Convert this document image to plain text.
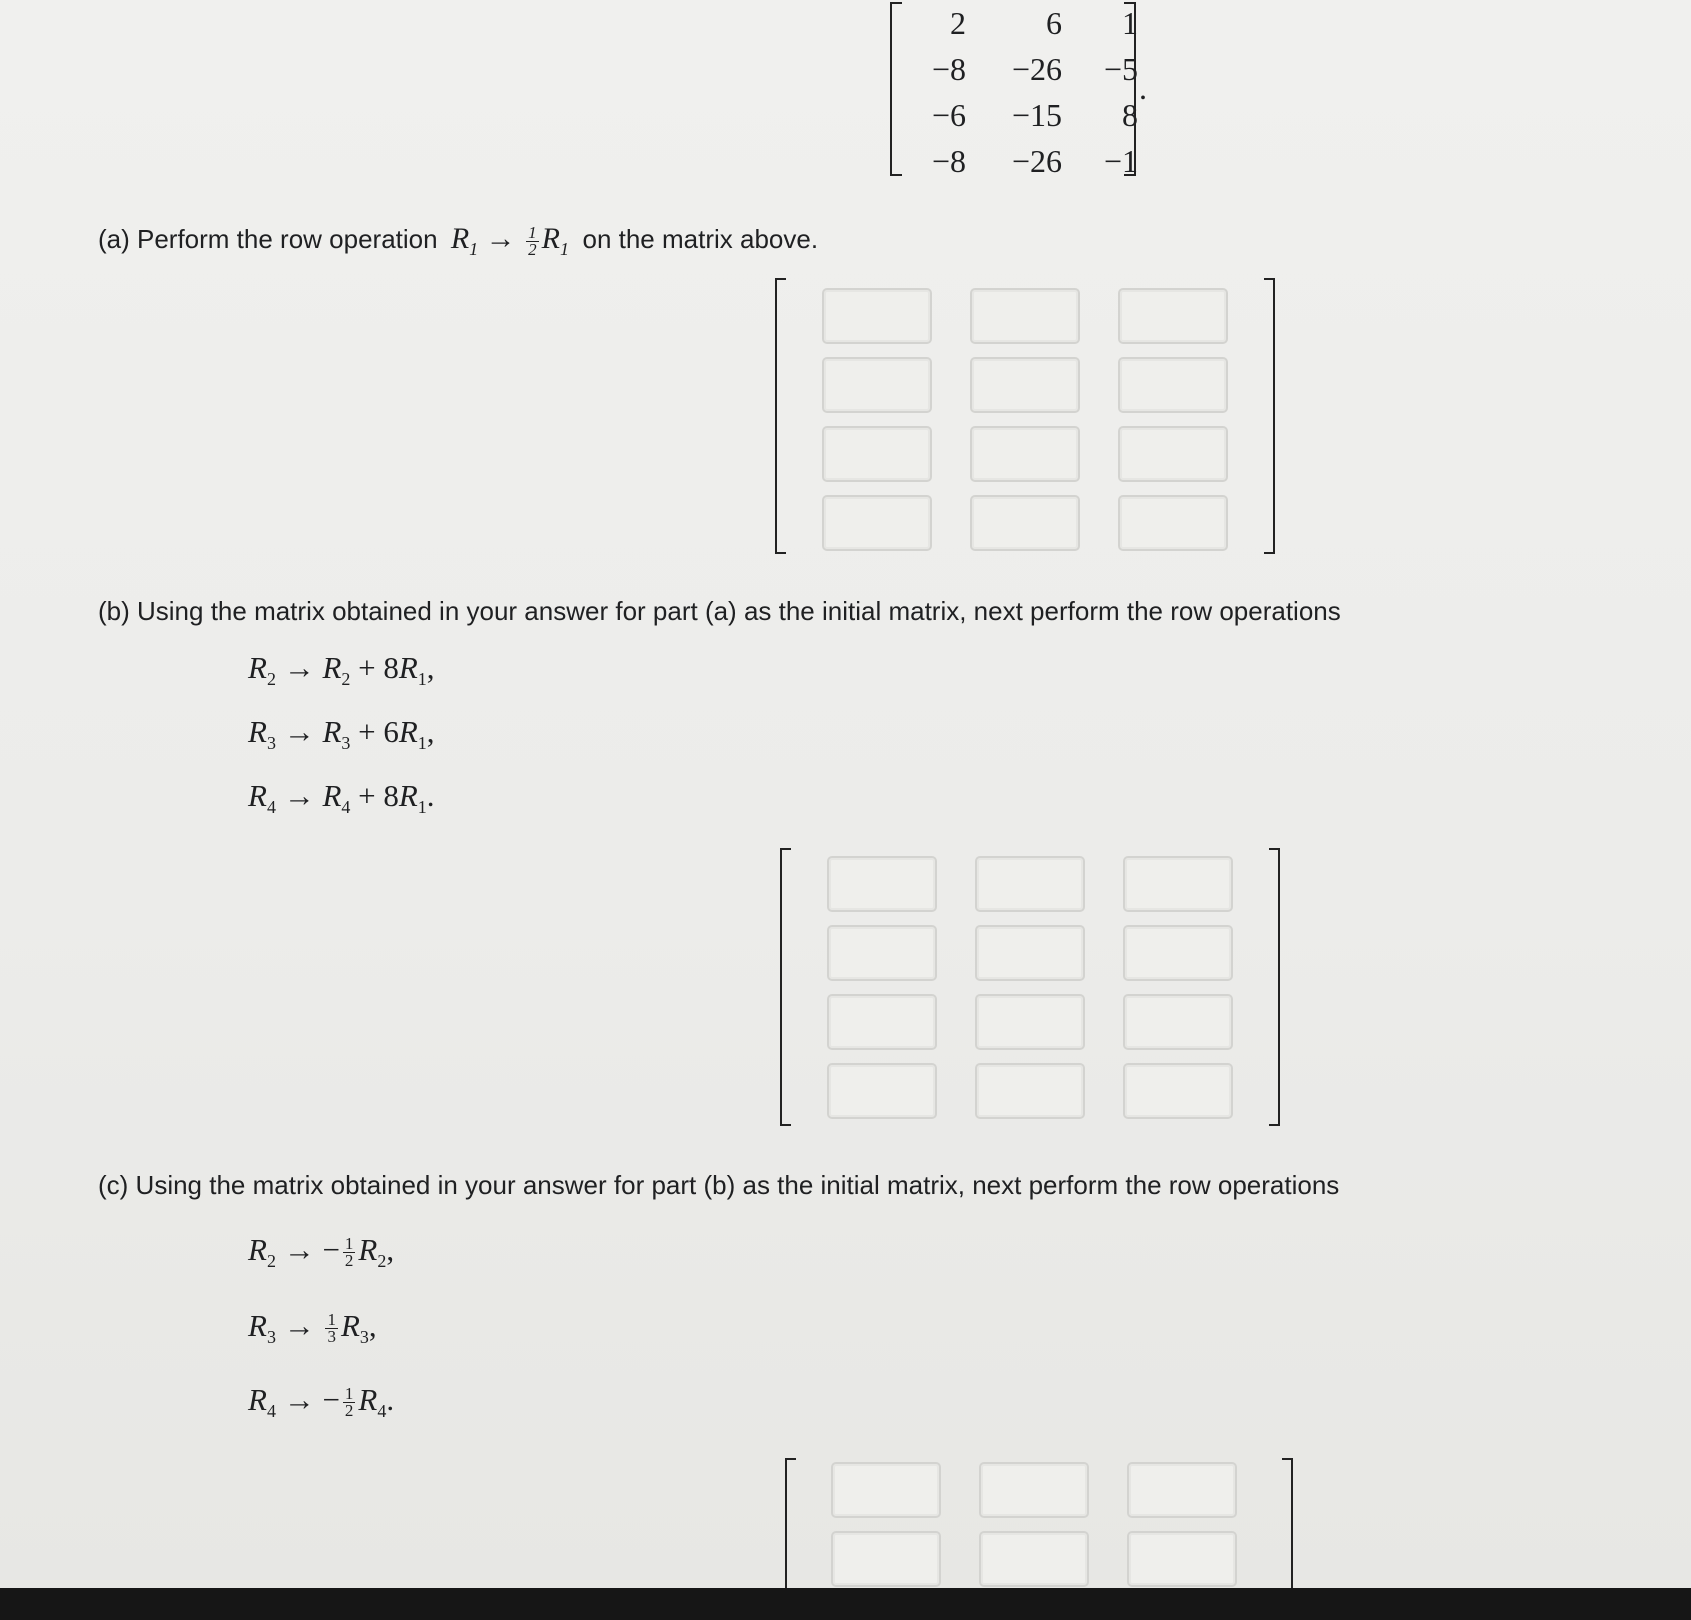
2	6	1
−8	−26	−5
−6	−15	8
−8	−26	−1
.
(a) Perform the row operation $R_1 \to \frac{1}{2} R_1$ on the matrix above.
(b) Using the matrix obtained in your answer for part (a) as the initial matrix, next perform the row operations
$R_2 \to R_2 + 8R_1$,
$R_3 \to R_3 + 6R_1$,
$R_4 \to R_4 + 8R_1$.
(c) Using the matrix obtained in your answer for part (b) as the initial matrix, next perform the row operations
$R_2$ → − $\frac{1}{2} R_2$,
$R_3 \to \frac{1}{3} R_3$,
$R_4$ → − $\frac{1}{2} R_4$.
